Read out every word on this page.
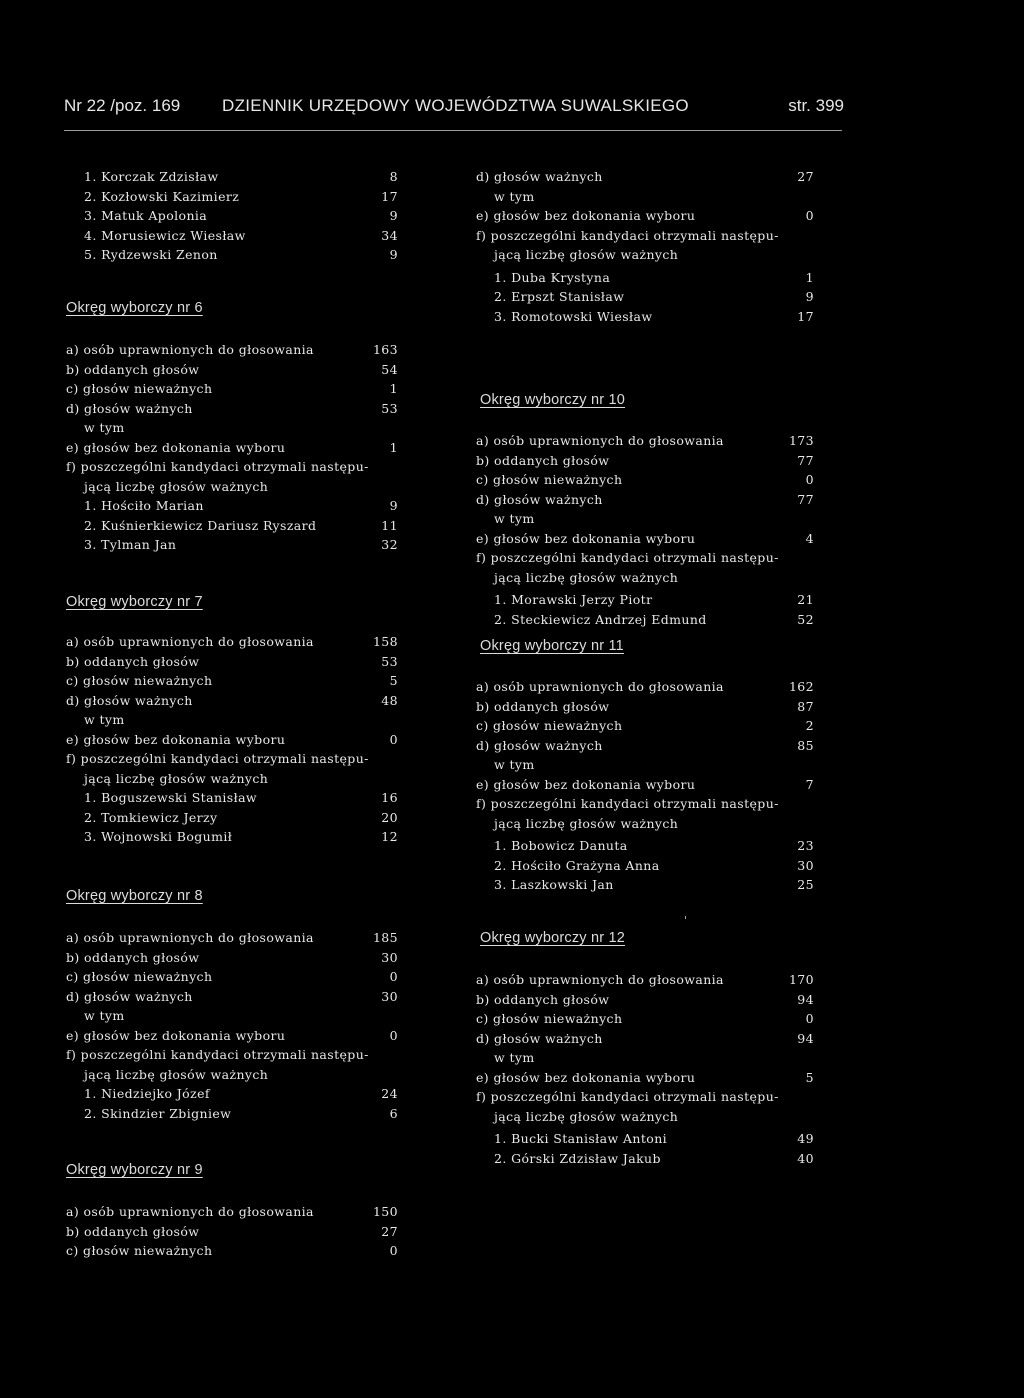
Nr 22 /poz. 169 DZIENNIK URZĘDOWY WOJEWÓDZTWA SUWALSKIEGO	str. 399
1. Korczak Zdzisław	8
2. Kozłowski Kazimierz	17
3. Matuk Apolonia	9
4. Morusiewicz Wiesław	34
5. Rydzewski Zenon	9
Okręg wyborczy nr 6
a) osób uprawnionych do głosowania	163
b) oddanych głosów	54
c) głosów nieważnych	1
d) głosów ważnych	53
w tym
e) głosów bez dokonania wyboru	1
f) poszczególni kandydaci otrzymali następu-
jącą liczbę głosów ważnych
1. Hościło Marian	9
2. Kuśnierkiewicz Dariusz Ryszard	11
3. Tylman Jan	32
Okręg wyborczy nr 7
a) osób uprawnionych do głosowania	158
b) oddanych głosów	53
c) głosów nieważnych	5
d) głosów ważnych	48
w tym
e) głosów bez dokonania wyboru	0
f) poszczególni kandydaci otrzymali następu-
jącą liczbę głosów ważnych
1. Boguszewski Stanisław	16
2. Tomkiewicz Jerzy	20
3. Wojnowski Bogumił	12
Okręg wyborczy nr 8
a) osób uprawnionych do głosowania	185
b) oddanych głosów	30
c) głosów nieważnych	0
d) głosów ważnych	30
w tym
e) głosów bez dokonania wyboru	0
f) poszczególni kandydaci otrzymali następu-
jącą liczbę głosów ważnych
1. Niedziejko Józef	24
2. Skindzier Zbigniew	6
Okręg wyborczy nr 9
a) osób uprawnionych do głosowania	150
b) oddanych głosów	27
c) głosów nieważnych	0
d) głosów ważnych	27
w tym
e) głosów bez dokonania wyboru	0
f) poszczególni kandydaci otrzymali następu-
jącą liczbę głosów ważnych
1. Duba Krystyna	1
2. Erpszt Stanisław	9
3. Romotowski Wiesław	17
Okręg wyborczy nr 10
a) osób uprawnionych do głosowania	173
b) oddanych głosów	77
c) głosów nieważnych	0
d) głosów ważnych	77
w tym
e) głosów bez dokonania wyboru	4
f) poszczególni kandydaci otrzymali następu-
jącą liczbę głosów ważnych
1. Morawski Jerzy Piotr	21
2. Steckiewicz Andrzej Edmund	52
Okręg wyborczy nr 11
a) osób uprawnionych do głosowania	162
b) oddanych głosów	87
c) głosów nieważnych	2
d) głosów ważnych	85
w tym
e) głosów bez dokonania wyboru	7
f) poszczególni kandydaci otrzymali następu-
jącą liczbę głosów ważnych
1. Bobowicz Danuta	23
2. Hościło Grażyna Anna	30
3. Laszkowski Jan	25
'
Okręg wyborczy nr 12
a) osób uprawnionych do głosowania	170
b) oddanych głosów	94
c) głosów nieważnych	0
d) głosów ważnych	94
w tym
e) głosów bez dokonania wyboru	5
f) poszczególni kandydaci otrzymali następu-
jącą liczbę głosów ważnych
1. Bucki Stanisław Antoni	49
2. Górski Zdzisław Jakub	40
